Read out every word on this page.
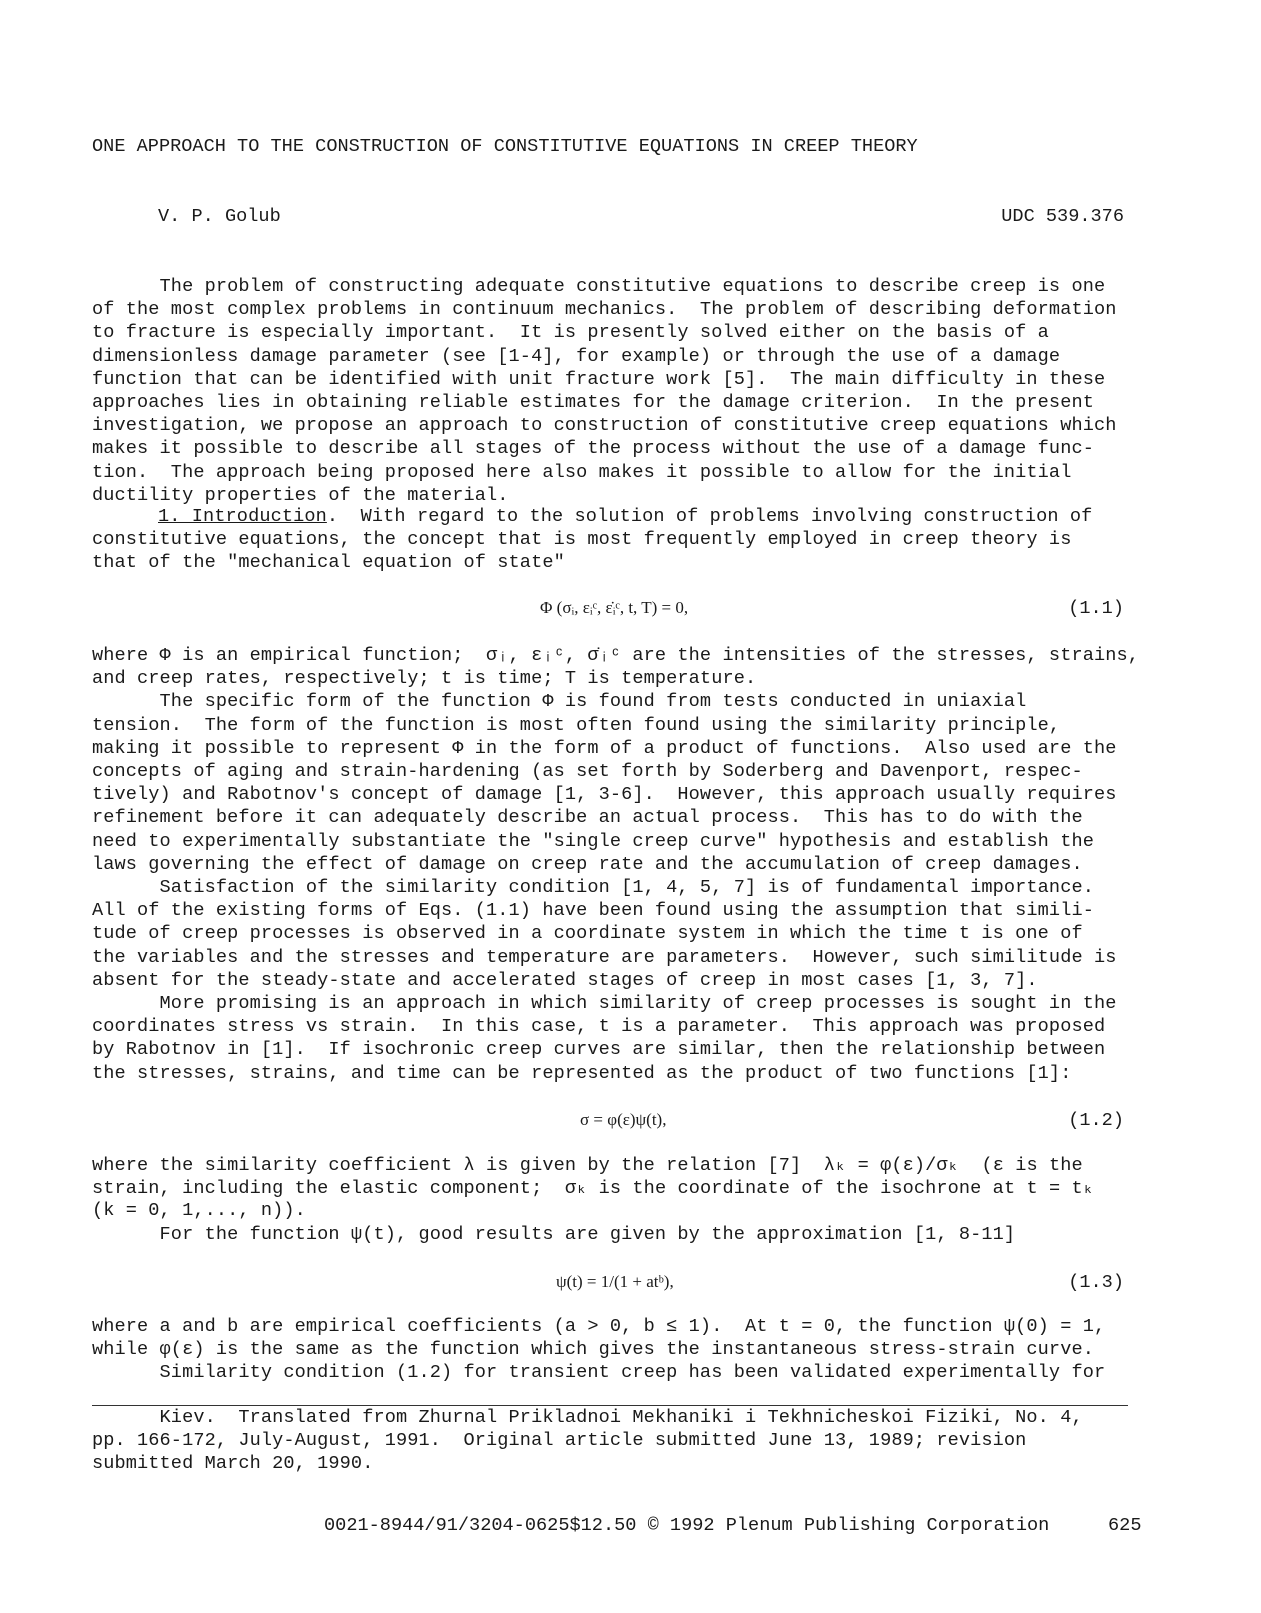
ONE APPROACH TO THE CONSTRUCTION OF CONSTITUTIVE EQUATIONS IN CREEP THEORY
V. P. Golub	UDC 539.376
The problem of constructing adequate constitutive equations to describe creep is one
of the most complex problems in continuum mechanics.  The problem of describing deformation
to fracture is especially important.  It is presently solved either on the basis of a
dimensionless damage parameter (see [1-4], for example) or through the use of a damage
function that can be identified with unit fracture work [5].  The main difficulty in these
approaches lies in obtaining reliable estimates for the damage criterion.  In the present
investigation, we propose an approach to construction of constitutive creep equations which
makes it possible to describe all stages of the process without the use of a damage func-
tion.  The approach being proposed here also makes it possible to allow for the initial
ductility properties of the material.
1. Introduction.  With regard to the solution of problems involving construction of
constitutive equations, the concept that is most frequently employed in creep theory is
that of the "mechanical equation of state"
Φ (σᵢ, εᵢᶜ, ε̇ᵢᶜ, t, T) = 0,	(1.1)
where Φ is an empirical function;  σᵢ, εᵢᶜ, σ̇ᵢᶜ are the intensities of the stresses, strains,
and creep rates, respectively; t is time; T is temperature.
The specific form of the function Φ is found from tests conducted in uniaxial
tension.  The form of the function is most often found using the similarity principle,
making it possible to represent Φ in the form of a product of functions.  Also used are the
concepts of aging and strain-hardening (as set forth by Soderberg and Davenport, respec-
tively) and Rabotnov's concept of damage [1, 3-6].  However, this approach usually requires
refinement before it can adequately describe an actual process.  This has to do with the
need to experimentally substantiate the "single creep curve" hypothesis and establish the
laws governing the effect of damage on creep rate and the accumulation of creep damages.
Satisfaction of the similarity condition [1, 4, 5, 7] is of fundamental importance.
All of the existing forms of Eqs. (1.1) have been found using the assumption that simili-
tude of creep processes is observed in a coordinate system in which the time t is one of
the variables and the stresses and temperature are parameters.  However, such similitude is
absent for the steady-state and accelerated stages of creep in most cases [1, 3, 7].
More promising is an approach in which similarity of creep processes is sought in the
coordinates stress vs strain.  In this case, t is a parameter.  This approach was proposed
by Rabotnov in [1].  If isochronic creep curves are similar, then the relationship between
the stresses, strains, and time can be represented as the product of two functions [1]:
σ = φ(ε)ψ(t),	(1.2)
where the similarity coefficient λ is given by the relation [7]  λₖ = φ(ε)/σₖ  (ε is the
strain, including the elastic component;  σₖ is the coordinate of the isochrone at t = tₖ
(k = 0, 1,..., n)).
For the function ψ(t), good results are given by the approximation [1, 8-11]
ψ(t) = 1/(1 + atᵇ),	(1.3)
where a and b are empirical coefficients (a > 0, b ≤ 1).  At t = 0, the function ψ(0) = 1,
while φ(ε) is the same as the function which gives the instantaneous stress-strain curve.
Similarity condition (1.2) for transient creep has been validated experimentally for
Kiev.  Translated from Zhurnal Prikladnoi Mekhaniki i Tekhnicheskoi Fiziki, No. 4,
pp. 166-172, July-August, 1991.  Original article submitted June 13, 1989; revision
submitted March 20, 1990.
0021-8944/91/3204-0625$12.50 © 1992 Plenum Publishing Corporation	625
